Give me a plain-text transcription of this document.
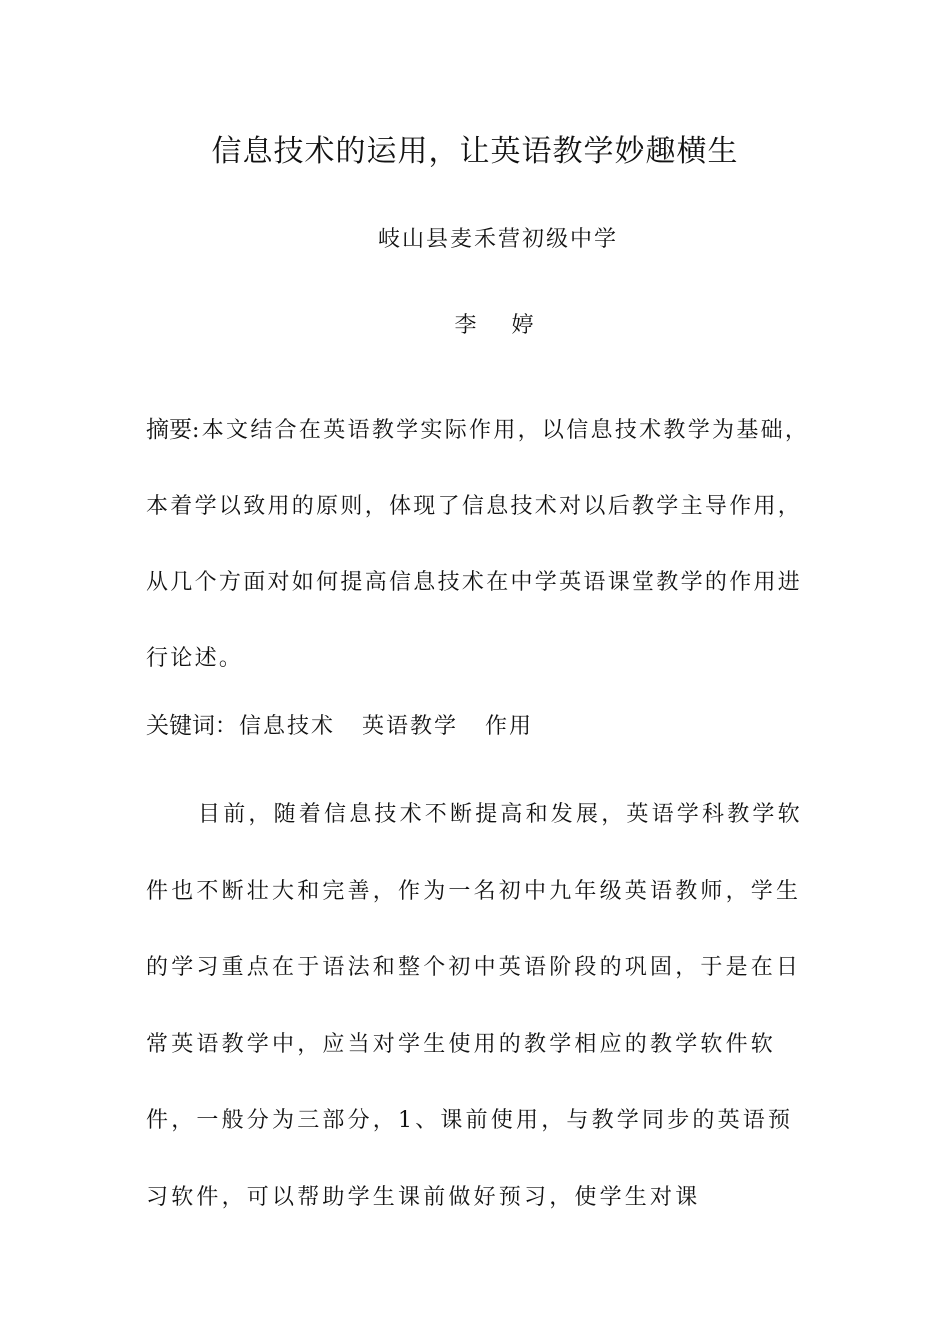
信息技术的运用，让英语教学妙趣横生
岐山县麦禾营初级中学
李 婷

摘要:本文结合在英语教学实际作用，以信息技术教学为基础，本着学以致用的原则，体现了信息技术对以后教学主导作用， 从几个方面对如何提高信息技术在中学英语课堂教学的作用进行论述。

关键词：信息技术   英语教学   作用

目前，随着信息技术不断提高和发展，英语学科教学软件也不断壮大和完善，作为一名初中九年级英语教师，学生的学习重点在于语法和整个初中英语阶段的巩固，于是在日常英语教学中，应当对学生使用的教学相应的教学软件软件，一般分为三部分，1、课前使用，与教学同步的英语预习软件，可以帮助学生课前做好预习，使学生对课
